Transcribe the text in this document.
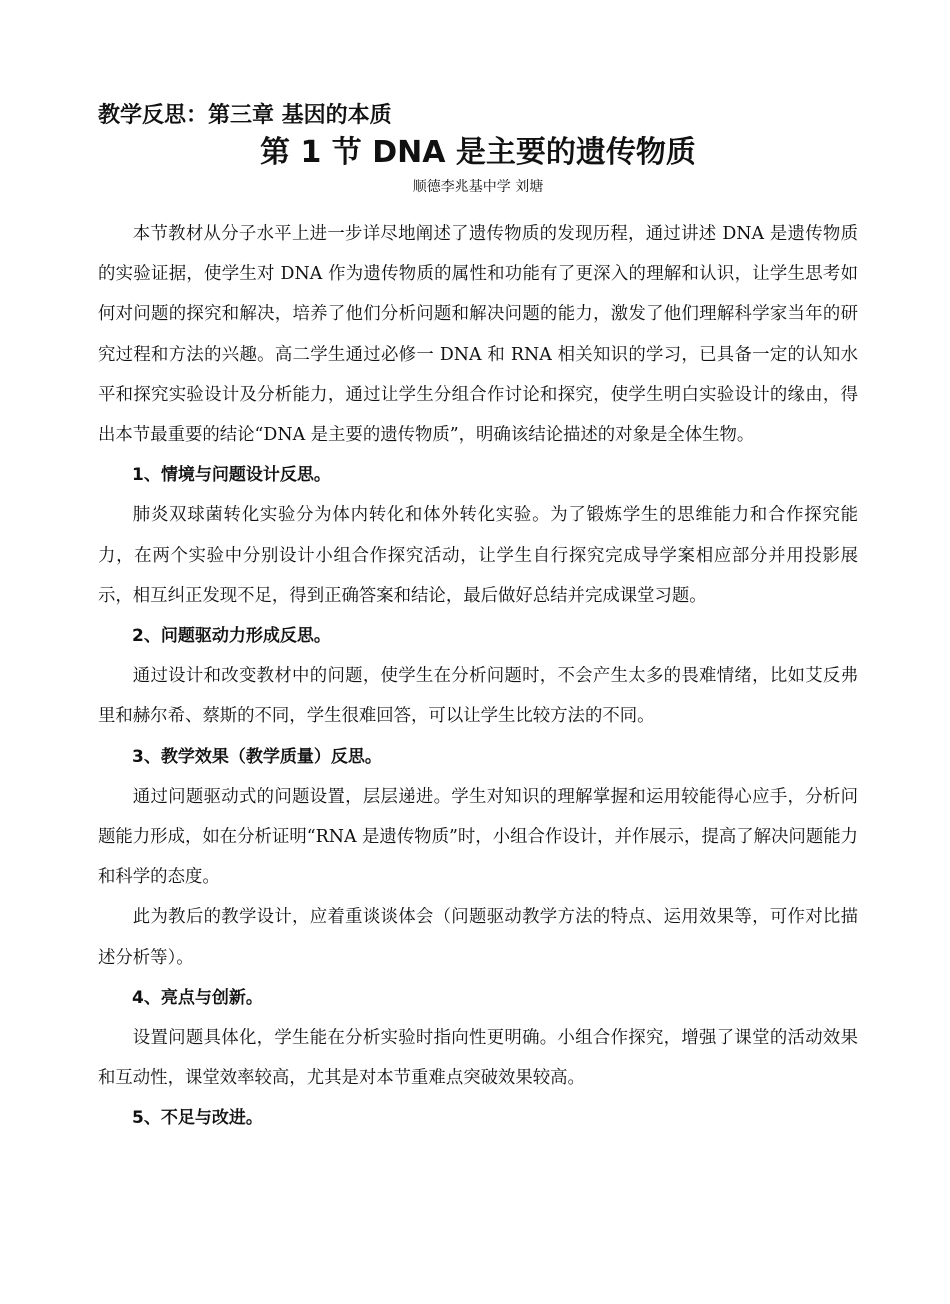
教学反思：第三章 基因的本质
第 1 节 DNA 是主要的遗传物质
顺德李兆基中学 刘塘

本节教材从分子水平上进一步详尽地阐述了遗传物质的发现历程，通过讲述 DNA 是遗传物质的实验证据，使学生对 DNA 作为遗传物质的属性和功能有了更深入的理解和认识，让学生思考如何对问题的探究和解决，培养了他们分析问题和解决问题的能力，激发了他们理解科学家当年的研究过程和方法的兴趣。高二学生通过必修一 DNA 和 RNA 相关知识的学习，已具备一定的认知水平和探究实验设计及分析能力，通过让学生分组合作讨论和探究，使学生明白实验设计的缘由，得出本节最重要的结论“DNA 是主要的遗传物质”，明确该结论描述的对象是全体生物。

1、情境与问题设计反思。

肺炎双球菌转化实验分为体内转化和体外转化实验。为了锻炼学生的思维能力和合作探究能力，在两个实验中分别设计小组合作探究活动，让学生自行探究完成导学案相应部分并用投影展示，相互纠正发现不足，得到正确答案和结论，最后做好总结并完成课堂习题。

2、问题驱动力形成反思。

通过设计和改变教材中的问题，使学生在分析问题时，不会产生太多的畏难情绪，比如艾反弗里和赫尔希、蔡斯的不同，学生很难回答，可以让学生比较方法的不同。

3、教学效果（教学质量）反思。

通过问题驱动式的问题设置，层层递进。学生对知识的理解掌握和运用较能得心应手，分析问题能力形成，如在分析证明“RNA 是遗传物质”时，小组合作设计，并作展示，提高了解决问题能力和科学的态度。

此为教后的教学设计，应着重谈谈体会（问题驱动教学方法的特点、运用效果等，可作对比描述分析等）。

4、亮点与创新。

设置问题具体化，学生能在分析实验时指向性更明确。小组合作探究，增强了课堂的活动效果和互动性，课堂效率较高，尤其是对本节重难点突破效果较高。

5、不足与改进。
